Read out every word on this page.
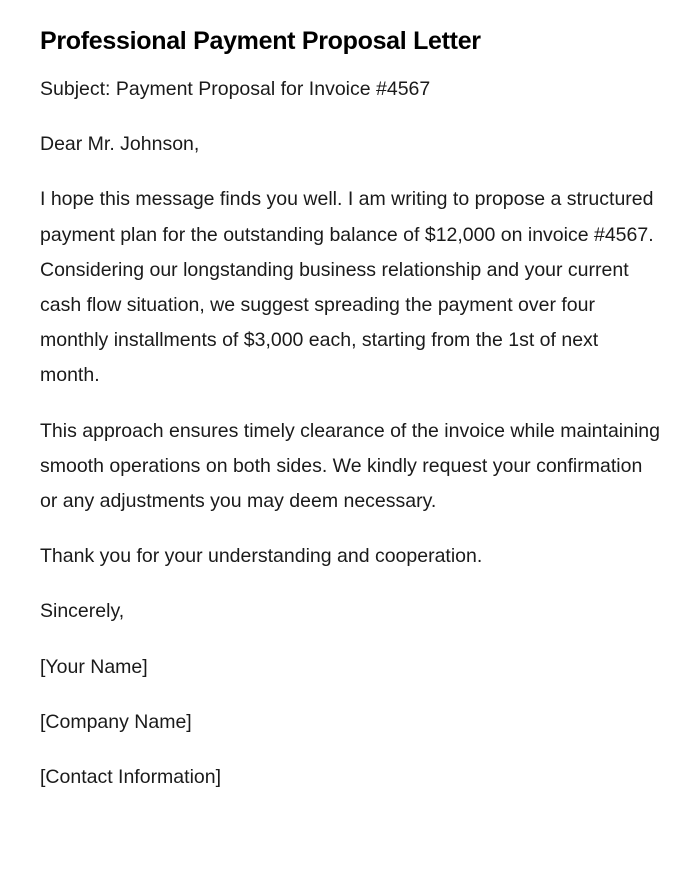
Professional Payment Proposal Letter

Subject: Payment Proposal for Invoice #4567

Dear Mr. Johnson,

I hope this message finds you well. I am writing to propose a structured payment plan for the outstanding balance of $12,000 on invoice #4567. Considering our longstanding business relationship and your current cash flow situation, we suggest spreading the payment over four monthly installments of $3,000 each, starting from the 1st of next month.

This approach ensures timely clearance of the invoice while maintaining smooth operations on both sides. We kindly request your confirmation or any adjustments you may deem necessary.

Thank you for your understanding and cooperation.

Sincerely,

[Your Name]

[Company Name]

[Contact Information]
